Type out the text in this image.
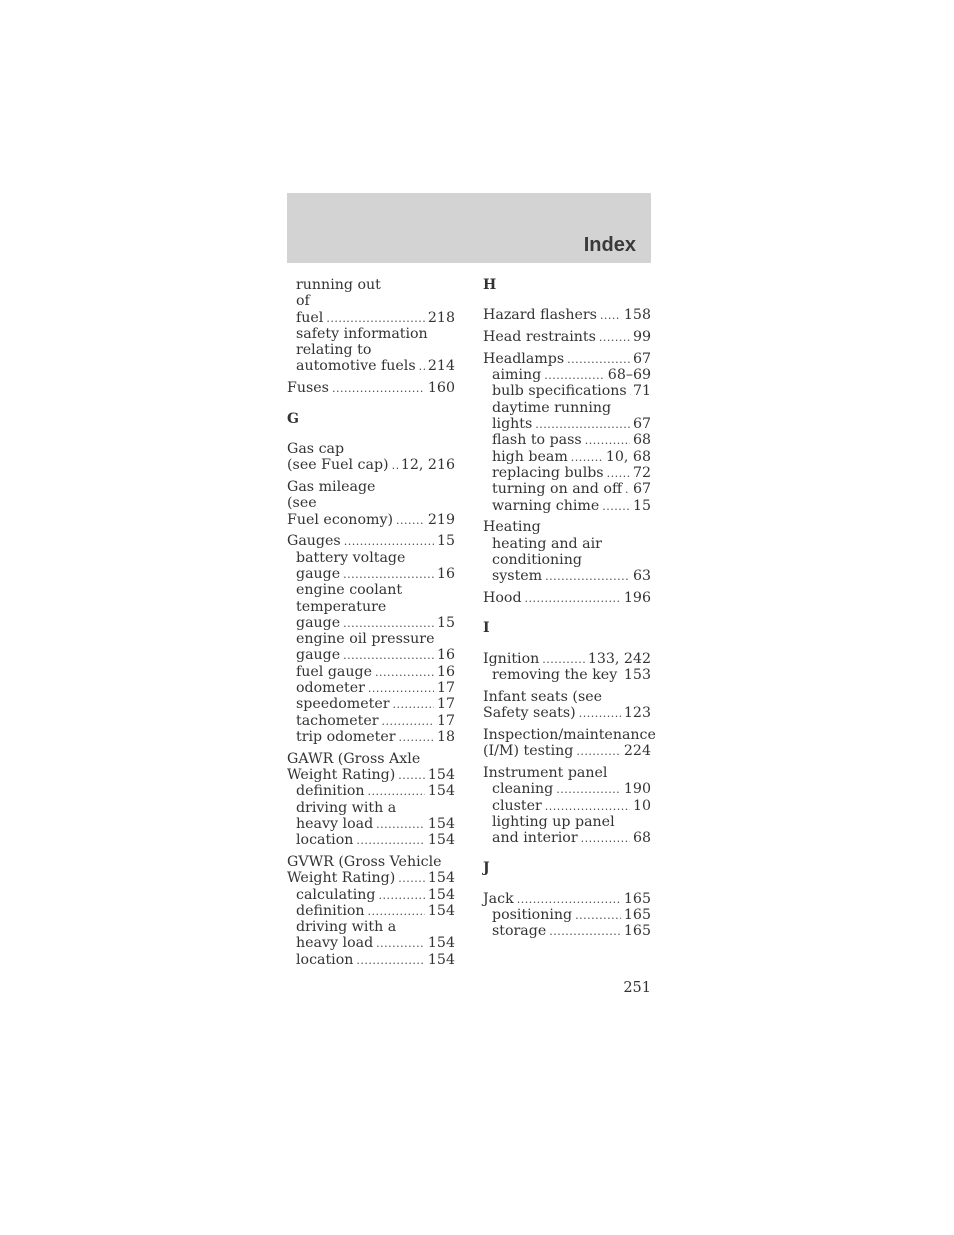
Index
running out
of
fuel .....	218
safety information
relating to
automotive fuels ..... 214
Fuses .....	160
G
Gas cap
(see Fuel cap) ..... 12, 216
Gas mileage
(see
Fuel economy) ..... 219
Gauges .....	15
battery voltage
gauge .....	16
engine coolant
temperature
gauge .....	15
engine oil pressure
gauge .....	16
fuel gauge .....	16
odometer .....	17
speedometer .....	17
tachometer .....	17
trip odometer .....	18
GAWR (Gross Axle
Weight Rating) ..... 154
definition .....	154
driving with a
heavy load .....	154
location .....	154
GVWR (Gross Vehicle
Weight Rating) ..... 154
calculating .....	154
definition .....	154
driving with a
heavy load .....	154
location .....	154
H
Hazard flashers ..... 158
Head restraints .....	99
Headlamps .....	67
aiming .....	68–69
bulb specifications ..... 71
daytime running
lights .....	67
flash to pass .....	68
high beam .....	10, 68
replacing bulbs ..... 72
turning on and off ..... 67
warning chime ..... 15
Heating
heating and air
conditioning
system .....	63
Hood .....	196
I
Ignition .....	133, 242
removing the key ..... 153
Infant seats (see
Safety seats) .....	123
Inspection/maintenance
(I/M) testing .....	224
Instrument panel
cleaning .....	190
cluster .....	10
lighting up panel
and interior .....	68
J
Jack .....	165
positioning .....	165
storage .....	165
251
